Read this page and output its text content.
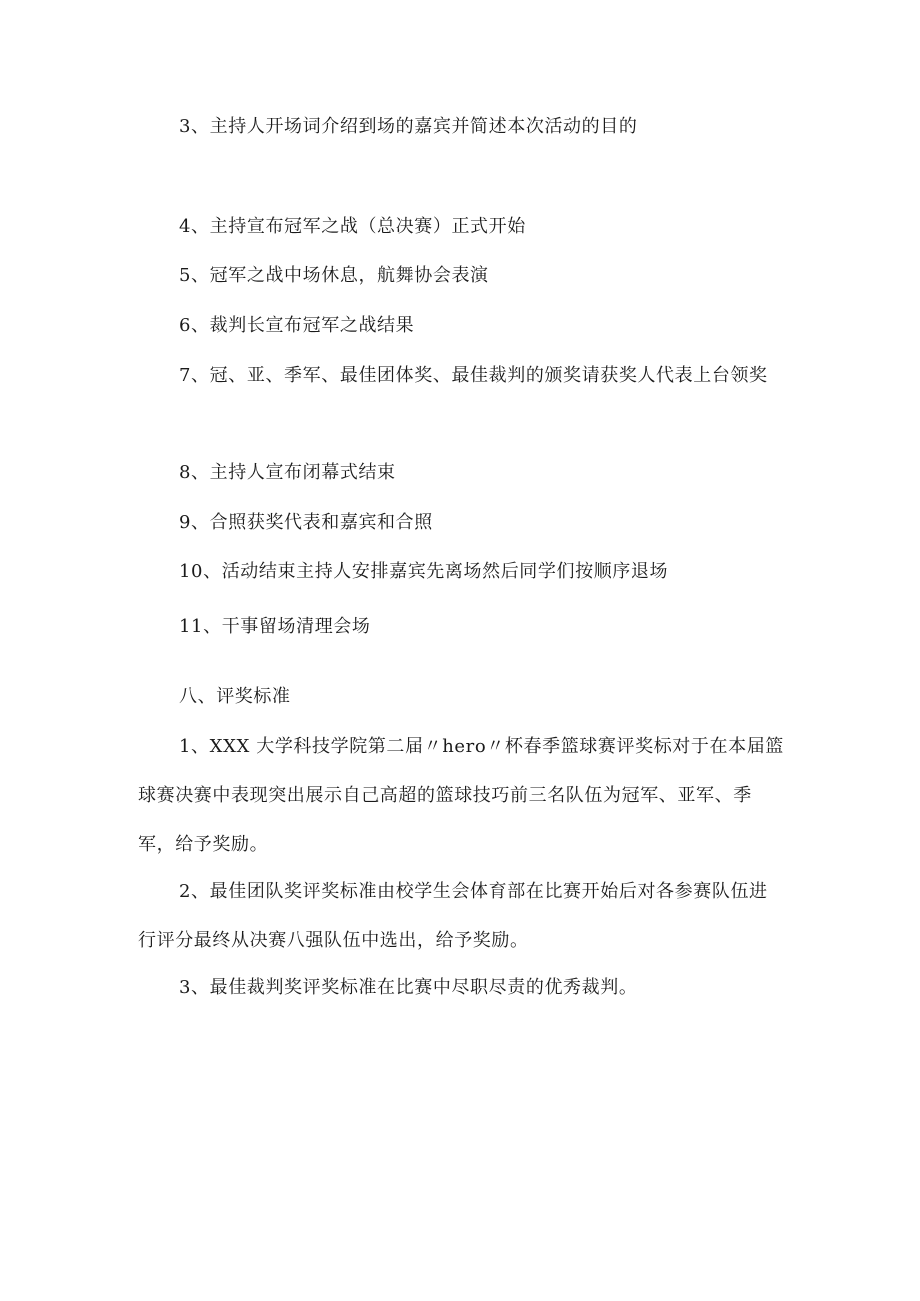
3、主持人开场词介绍到场的嘉宾并简述本次活动的目的

4、主持宣布冠军之战（总决赛）正式开始

5、冠军之战中场休息，航舞协会表演

6、裁判长宣布冠军之战结果

7、冠、亚、季军、最佳团体奖、最佳裁判的颁奖请获奖人代表上台领奖

8、主持人宣布闭幕式结束

9、合照获奖代表和嘉宾和合照

10、活动结束主持人安排嘉宾先离场然后同学们按顺序退场

11、干事留场清理会场

八、评奖标准

1、XXX 大学科技学院第二届〃hero〃杯春季篮球赛评奖标对于在本届篮球赛决赛中表现突出展示自己高超的篮球技巧前三名队伍为冠军、亚军、季军，给予奖励。

2、最佳团队奖评奖标准由校学生会体育部在比赛开始后对各参赛队伍进行评分最终从决赛八强队伍中选出，给予奖励。

3、最佳裁判奖评奖标准在比赛中尽职尽责的优秀裁判。
